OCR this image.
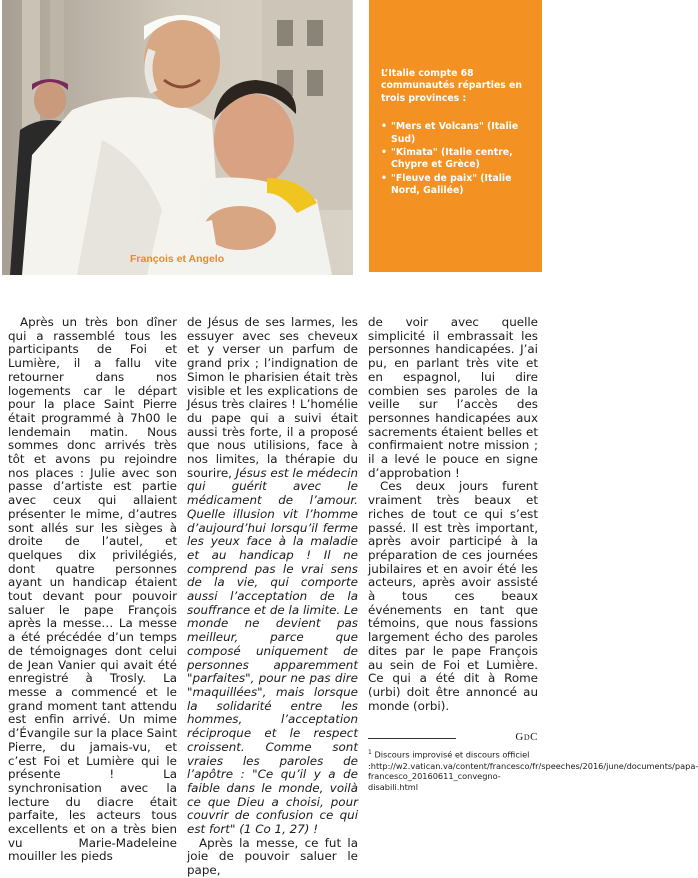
François et Angelo

L’Italie compte 68 communautés réparties en trois provinces :

• "Mers et Volcans" (Italie Sud)
• "Kimata" (Italie centre, Chypre et Grèce)
• "Fleuve de paix" (Italie Nord, Galilée)

Après un très bon dîner qui a rassemblé tous les participants de Foi et Lumière, il a fallu vite retourner dans nos logements car le départ pour la place Saint Pierre était programmé à 7h00 le lendemain matin. Nous sommes donc arrivés très tôt et avons pu rejoindre nos places : Julie avec son passe d’artiste est partie avec ceux qui allaient présenter le mime, d’autres sont allés sur les sièges à droite de l’autel, et quelques dix privilégiés, dont quatre personnes ayant un handicap étaient tout devant pour pouvoir saluer le pape François après la messe… La messe a été précédée d’un temps de témoignages dont celui de Jean Vanier qui avait été enregistré à Trosly. La messe a commencé et le grand moment tant attendu est enfin arrivé. Un mime d’Évangile sur la place Saint Pierre, du jamais-vu, et c’est Foi et Lumière qui le présente ! La synchronisation avec la lecture du diacre était parfaite, les acteurs tous excellents et on a très bien vu Marie-Madeleine mouiller les pieds

de Jésus de ses larmes, les essuyer avec ses cheveux et y verser un parfum de grand prix ; l’indignation de Simon le pharisien était très visible et les explications de Jésus très claires ! L’homélie du pape qui a suivi était aussi très forte, il a proposé que nous utilisions, face à nos limites, la thérapie du sourire, Jésus est le médecin qui guérit avec le médicament de l’amour. Quelle illusion vit l’homme d’aujourd’hui lorsqu’il ferme les yeux face à la maladie et au handicap ! Il ne comprend pas le vrai sens de la vie, qui comporte aussi l’acceptation de la souffrance et de la limite. Le monde ne devient pas meilleur, parce que composé uniquement de personnes apparemment "parfaites", pour ne pas dire "maquillées", mais lorsque la solidarité entre les hommes, l’acceptation réciproque et le respect croissent. Comme sont vraies les paroles de l’apôtre : "Ce qu’il y a de faible dans le monde, voilà ce que Dieu a choisi, pour couvrir de confusion ce qui est fort" (1 Co 1, 27) !

Après la messe, ce fut la joie de pouvoir saluer le pape,

de voir avec quelle simplicité il embrassait les personnes handicapées. J’ai pu, en parlant très vite et en espagnol, lui dire combien ses paroles de la veille sur l’accès des personnes handicapées aux sacrements étaient belles et confirmaient notre mission ; il a levé le pouce en signe d’approbation !

Ces deux jours furent vraiment très beaux et riches de tout ce qui s’est passé. Il est très important, après avoir participé à la préparation de ces journées jubilaires et en avoir été les acteurs, après avoir assisté à tous ces beaux événements en tant que témoins, que nous fassions largement écho des paroles dites par le pape François au sein de Foi et Lumière. Ce qui a été dit à Rome (urbi) doit être annoncé au monde (orbi).

GDC
$^1$ Discours improvisé et discours officiel :http://w2.vatican.va/content/francesco/fr/speeches/2016/june/documents/papa-francesco_20160611_convegno-disabili.html
